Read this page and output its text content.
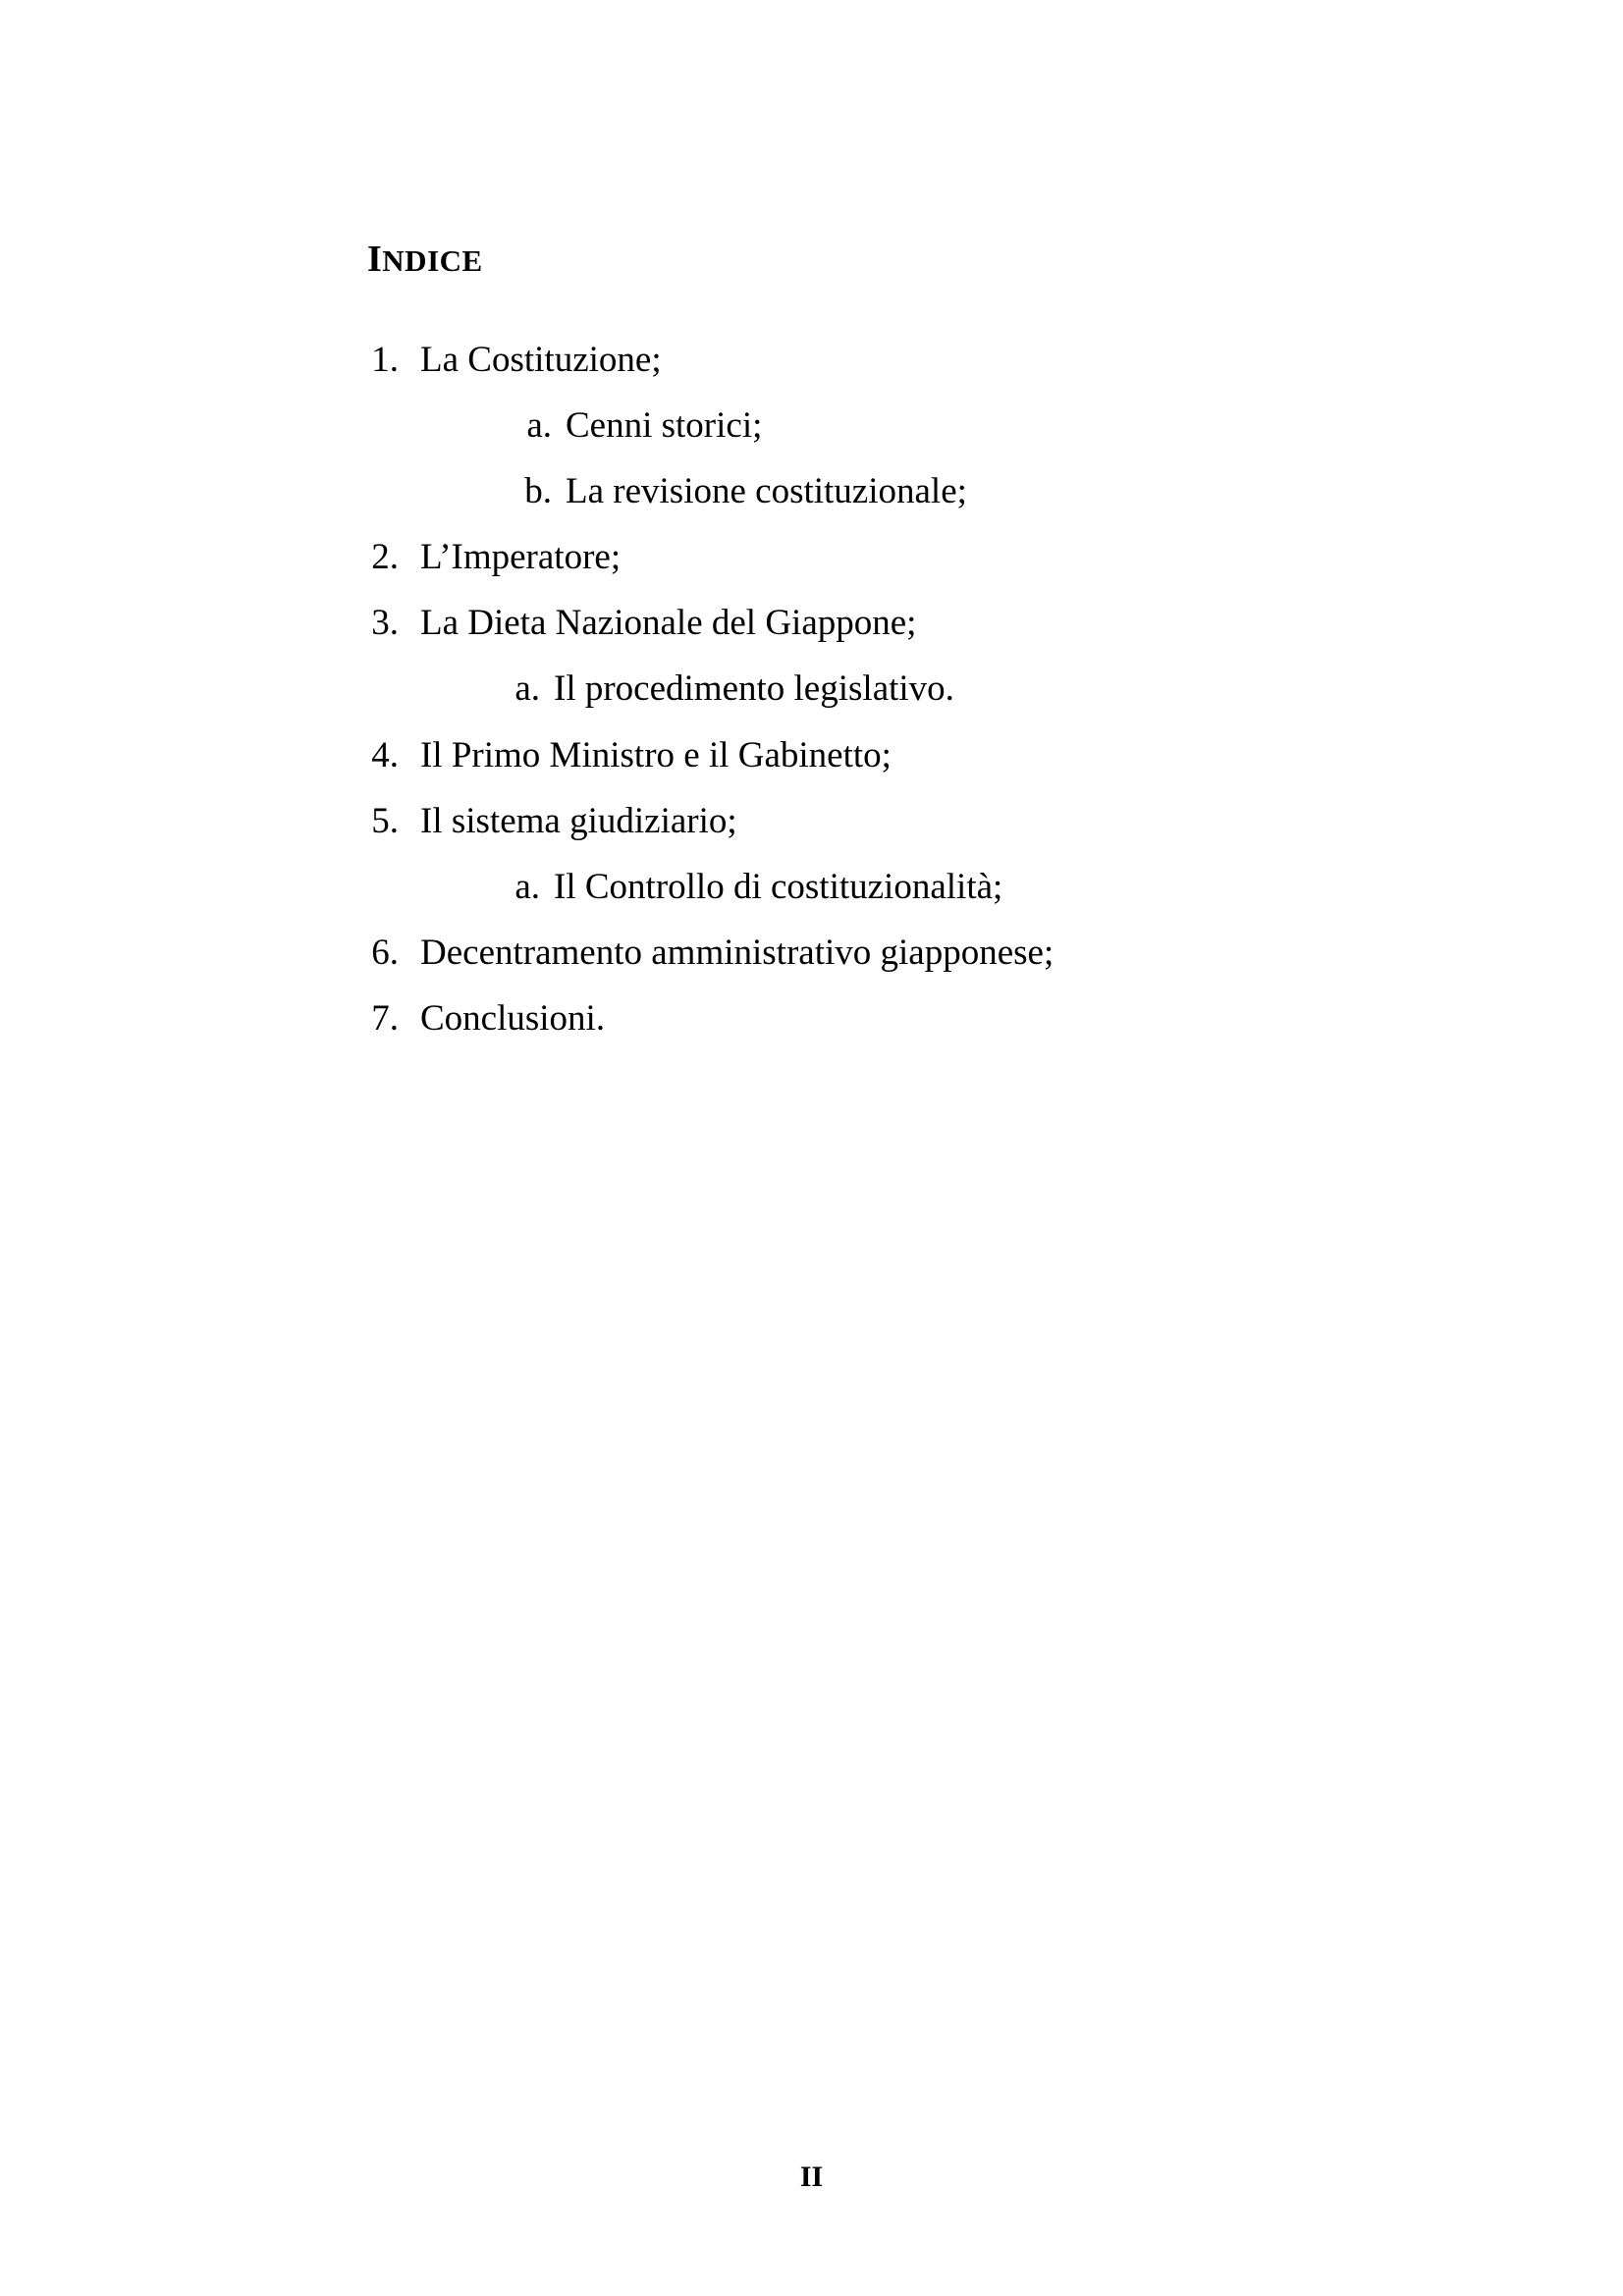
INDICE
1. La Costituzione;
a. Cenni storici;
b. La revisione costituzionale;
2. L’Imperatore;
3. La Dieta Nazionale del Giappone;
a. Il procedimento legislativo.
4. Il Primo Ministro e il Gabinetto;
5. Il sistema giudiziario;
a. Il Controllo di costituzionalità;
6. Decentramento amministrativo giapponese;
7. Conclusioni.

II
